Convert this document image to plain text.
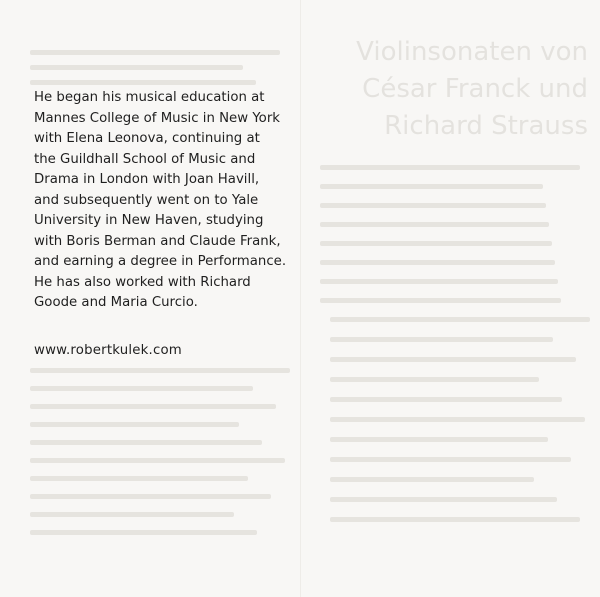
Violinsonaten von
César Franck und
Richard Strauss
He began his musical education at
Mannes College of Music in New York
with Elena Leonova, continuing at
the Guildhall School of Music and
Drama in London with Joan Havill,
and subsequently went on to Yale
University in New Haven, studying
with Boris Berman and Claude Frank,
and earning a degree in Performance.
He has also worked with Richard
Goode and Maria Curcio.
www.robertkulek.com
